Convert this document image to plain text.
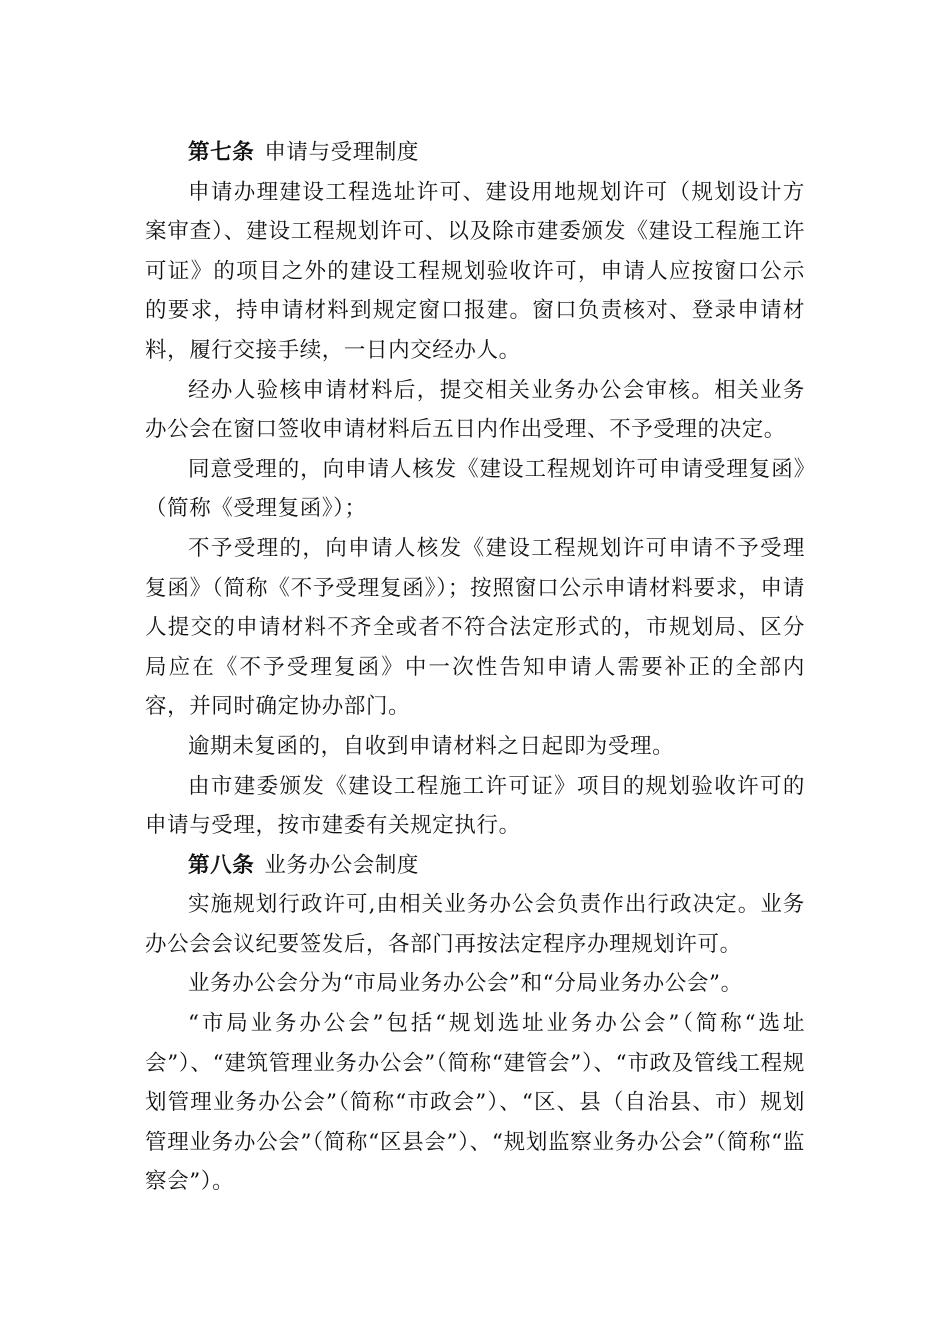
第七条 申请与受理制度

申请办理建设工程选址许可、建设用地规划许可（规划设计方案审查）、建设工程规划许可、以及除市建委颁发《建设工程施工许可证》的项目之外的建设工程规划验收许可，申请人应按窗口公示的要求，持申请材料到规定窗口报建。窗口负责核对、登录申请材料，履行交接手续，一日内交经办人。

经办人验核申请材料后，提交相关业务办公会审核。相关业务办公会在窗口签收申请材料后五日内作出受理、不予受理的决定。

同意受理的，向申请人核发《建设工程规划许可申请受理复函》（简称《受理复函》）；

不予受理的，向申请人核发《建设工程规划许可申请不予受理复函》（简称《不予受理复函》）；按照窗口公示申请材料要求，申请人提交的申请材料不齐全或者不符合法定形式的，市规划局、区分局应在《不予受理复函》中一次性告知申请人需要补正的全部内容，并同时确定协办部门。

逾期未复函的，自收到申请材料之日起即为受理。

由市建委颁发《建设工程施工许可证》项目的规划验收许可的申请与受理，按市建委有关规定执行。

第八条 业务办公会制度

实施规划行政许可,由相关业务办公会负责作出行政决定。业务办公会会议纪要签发后，各部门再按法定程序办理规划许可。

业务办公会分为“市局业务办公会”和“分局业务办公会”。

“市局业务办公会”包括“规划选址业务办公会”（简称“选址会”）、“建筑管理业务办公会”（简称“建管会”）、“市政及管线工程规划管理业务办公会”（简称“市政会”）、“区、县（自治县、市）规划管理业务办公会”（简称“区县会”）、“规划监察业务办公会”（简称“监察会”）。
